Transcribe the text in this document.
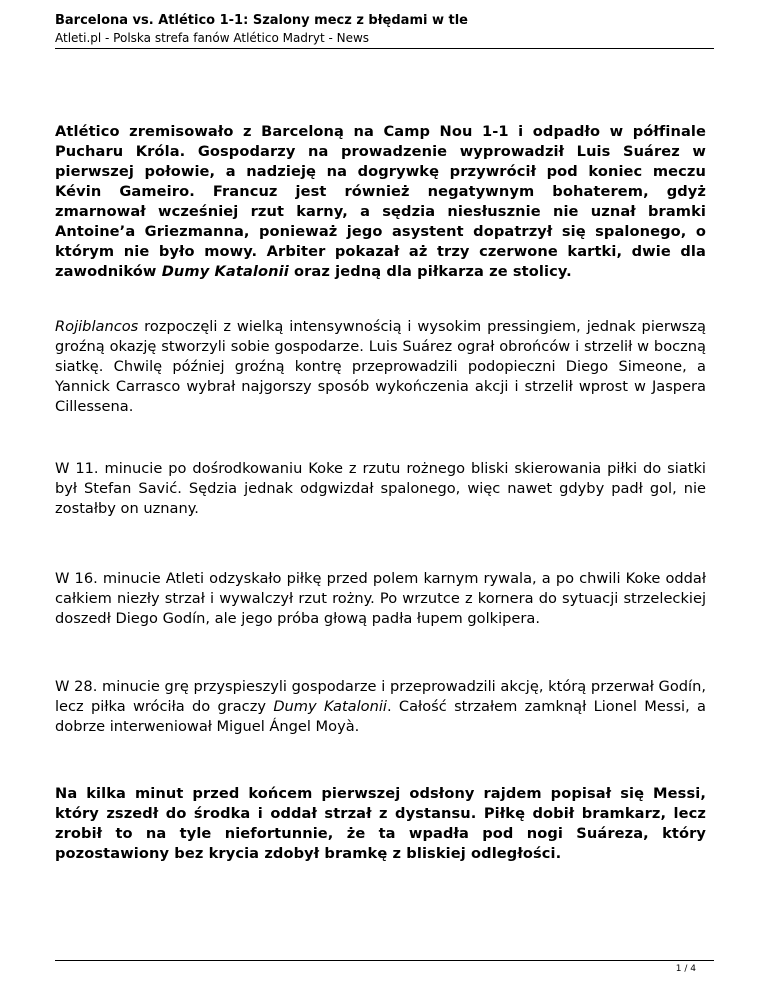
Barcelona vs. Atlético 1-1: Szalony mecz z błędami w tle
Atleti.pl - Polska strefa fanów Atlético Madryt - News

Atlético zremisowało z Barceloną na Camp Nou 1-1 i odpadło w półfinale Pucharu Króla. Gospodarzy na prowadzenie wyprowadził Luis Suárez w pierwszej połowie, a nadzieję na dogrywkę przywrócił pod koniec meczu Kévin Gameiro. Francuz jest również negatywnym bohaterem, gdyż zmarnował wcześniej rzut karny, a sędzia niesłusznie nie uznał bramki Antoine’a Griezmanna, ponieważ jego asystent dopatrzył się spalonego, o którym nie było mowy. Arbiter pokazał aż trzy czerwone kartki, dwie dla zawodników Dumy Katalonii oraz jedną dla piłkarza ze stolicy.

Rojiblancos rozpoczęli z wielką intensywnością i wysokim pressingiem, jednak pierwszą groźną okazję stworzyli sobie gospodarze. Luis Suárez ograł obrońców i strzelił w boczną siatkę. Chwilę później groźną kontrę przeprowadzili podopieczni Diego Simeone, a Yannick Carrasco wybrał najgorszy sposób wykończenia akcji i strzelił wprost w Jaspera Cillessena.

W 11. minucie po dośrodkowaniu Koke z rzutu rożnego bliski skierowania piłki do siatki był Stefan Savić. Sędzia jednak odgwizdał spalonego, więc nawet gdyby padł gol, nie zostałby on uznany.

W 16. minucie Atleti odzyskało piłkę przed polem karnym rywala, a po chwili Koke oddał całkiem niezły strzał i wywalczył rzut rożny. Po wrzutce z kornera do sytuacji strzeleckiej doszedł Diego Godín, ale jego próba głową padła łupem golkipera.

W 28. minucie grę przyspieszyli gospodarze i przeprowadzili akcję, którą przerwał Godín, lecz piłka wróciła do graczy Dumy Katalonii. Całość strzałem zamknął Lionel Messi, a dobrze interweniował Miguel Ángel Moyà.

Na kilka minut przed końcem pierwszej odsłony rajdem popisał się Messi, który zszedł do środka i oddał strzał z dystansu. Piłkę dobił bramkarz, lecz zrobił to na tyle niefortunnie, że ta wpadła pod nogi Suáreza, który pozostawiony bez krycia zdobył bramkę z bliskiej odległości.

1 / 4
